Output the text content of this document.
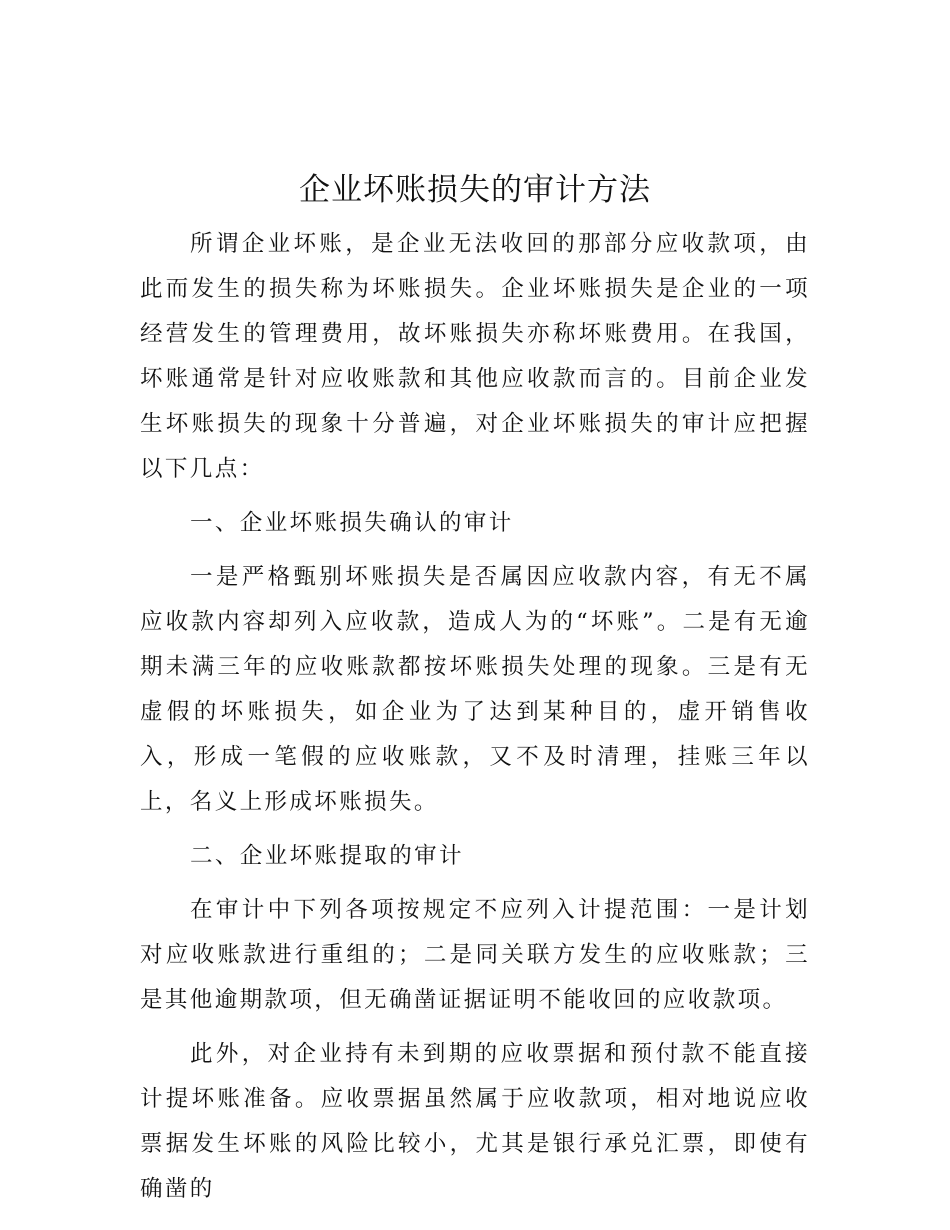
企业坏账损失的审计方法

所谓企业坏账，是企业无法收回的那部分应收款项，由此而发生的损失称为坏账损失。企业坏账损失是企业的一项经营发生的管理费用，故坏账损失亦称坏账费用。在我国，坏账通常是针对应收账款和其他应收款而言的。目前企业发生坏账损失的现象十分普遍，对企业坏账损失的审计应把握以下几点：

一、企业坏账损失确认的审计

一是严格甄别坏账损失是否属因应收款内容，有无不属应收款内容却列入应收款，造成人为的“坏账”。二是有无逾期未满三年的应收账款都按坏账损失处理的现象。三是有无虚假的坏账损失，如企业为了达到某种目的，虚开销售收入，形成一笔假的应收账款，又不及时清理，挂账三年以上，名义上形成坏账损失。

二、企业坏账提取的审计

在审计中下列各项按规定不应列入计提范围：一是计划对应收账款进行重组的；二是同关联方发生的应收账款；三是其他逾期款项，但无确凿证据证明不能收回的应收款项。

此外，对企业持有未到期的应收票据和预付款不能直接计提坏账准备。应收票据虽然属于应收款项，相对地说应收票据发生坏账的风险比较小，尤其是银行承兑汇票，即使有确凿的
